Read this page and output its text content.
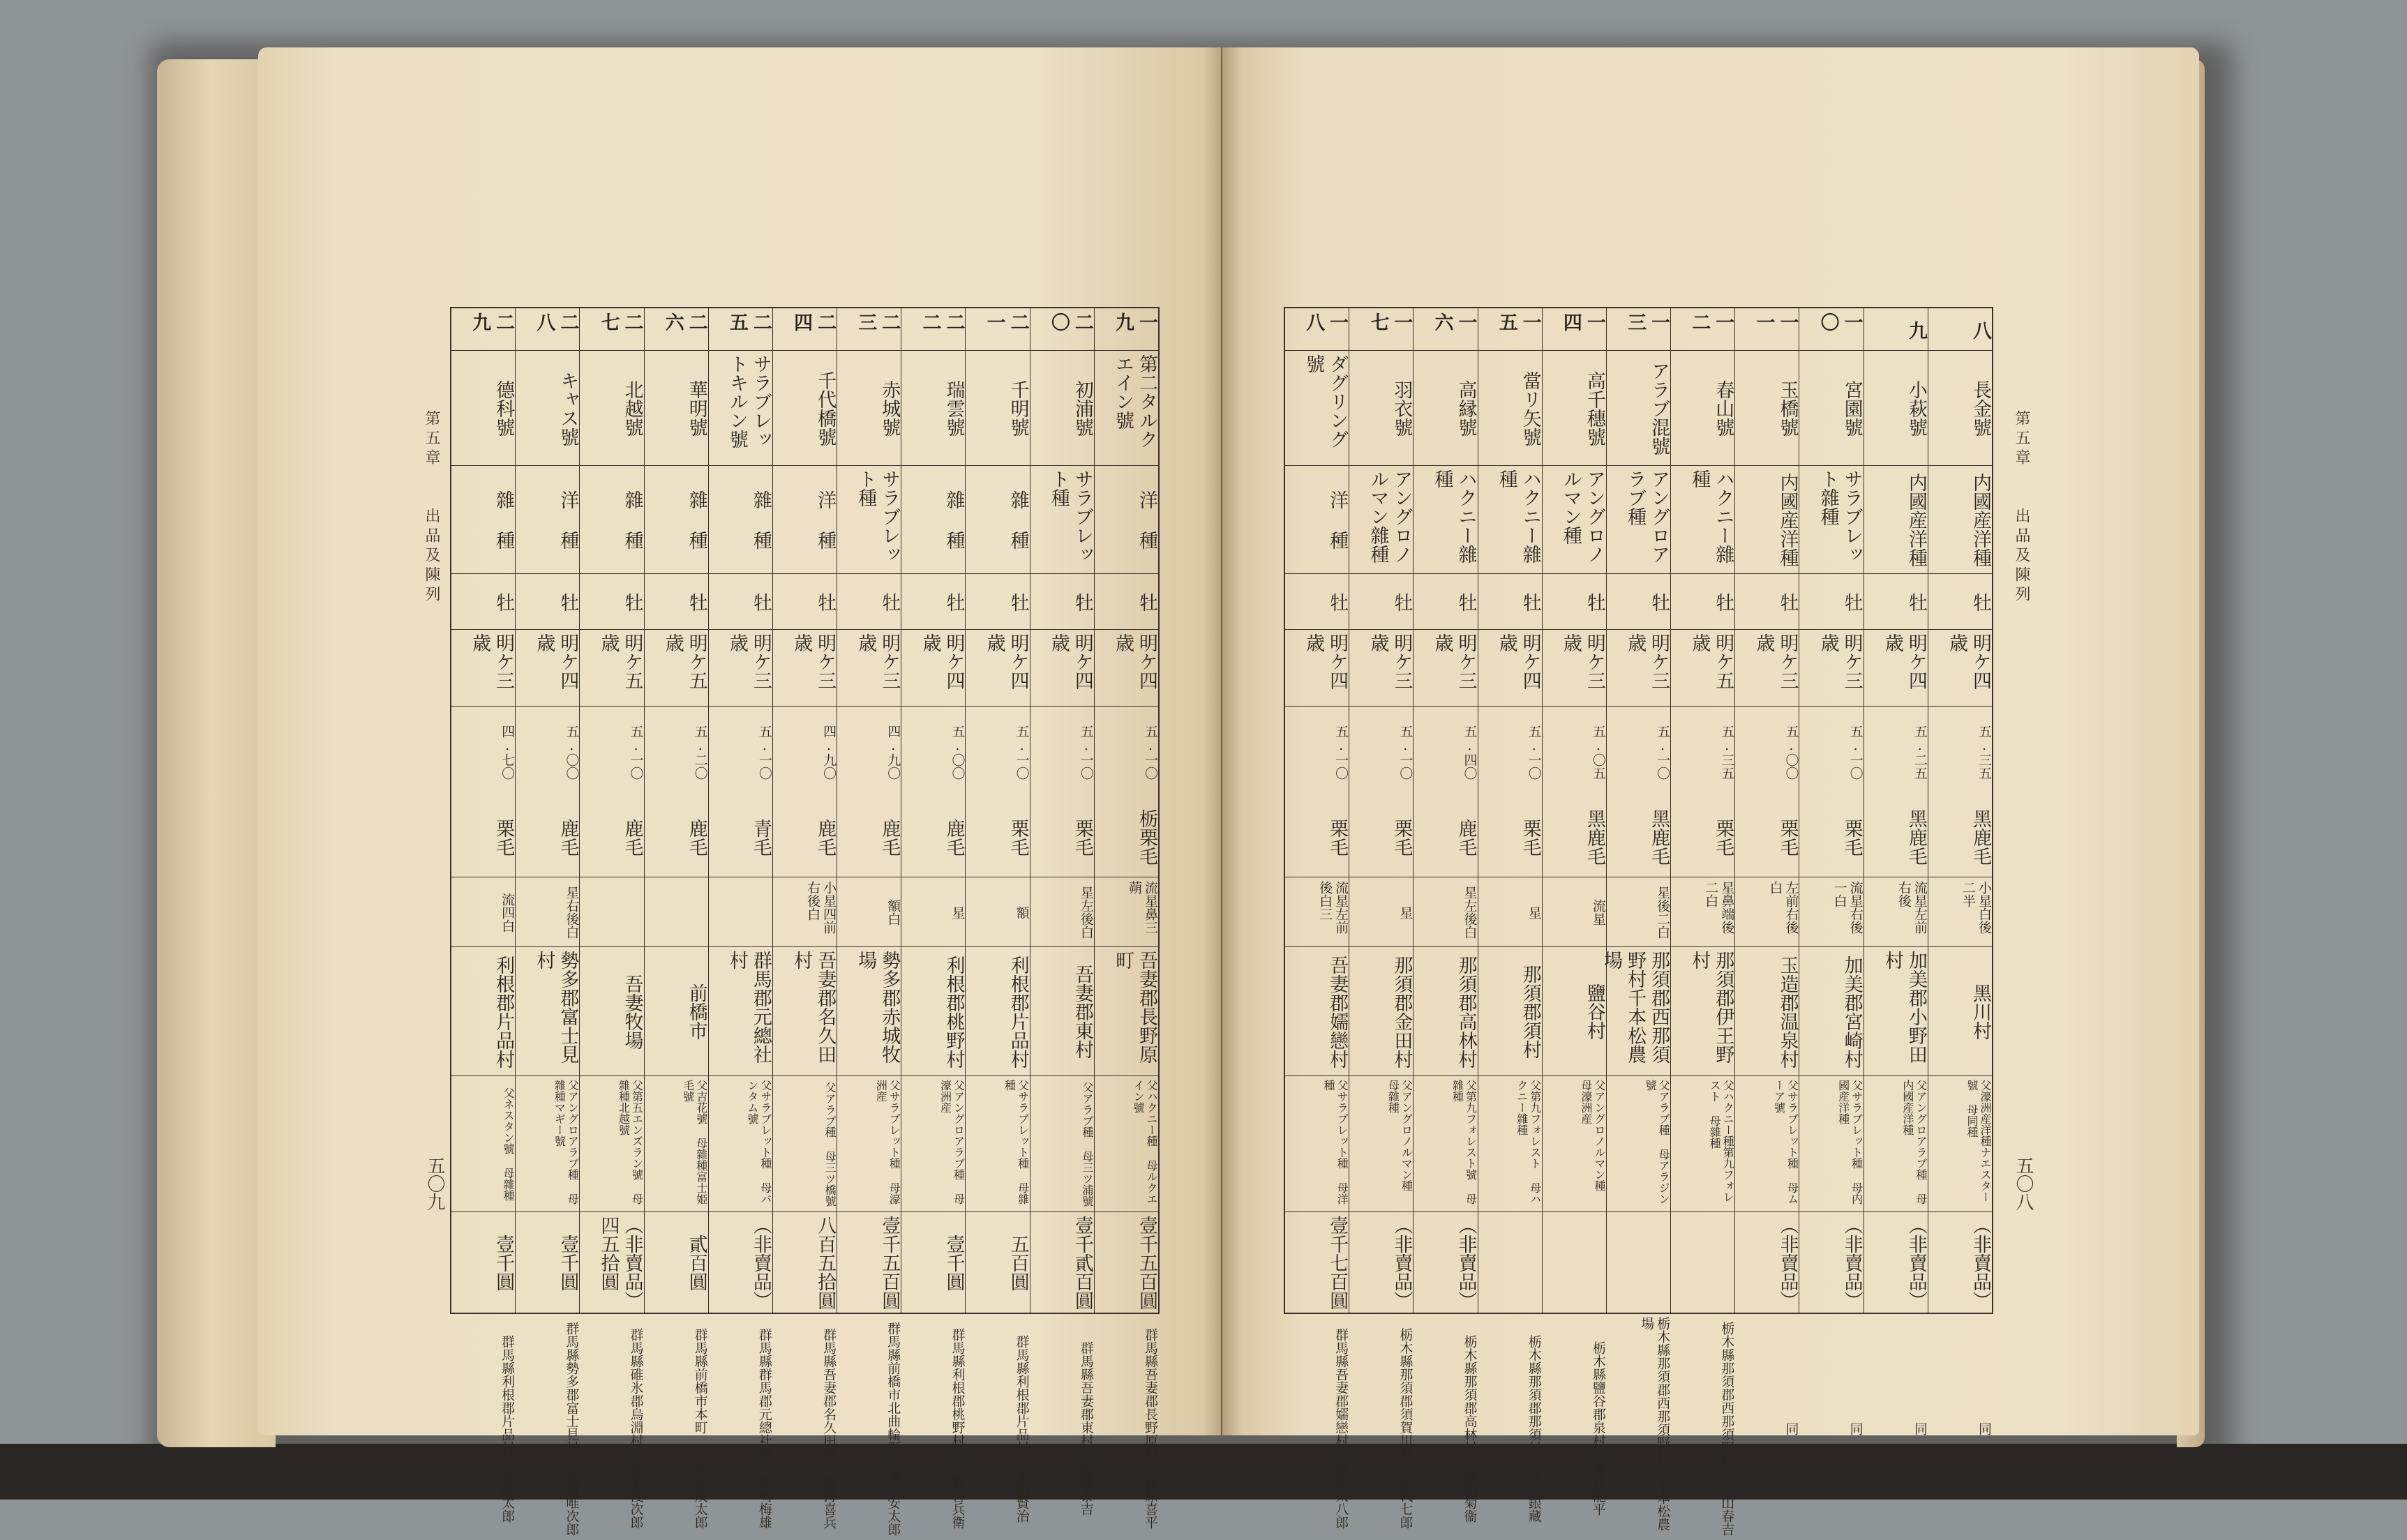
第五章
出品及陳列
五〇九
一九
第二タルクエイン號
洋 種
牡
明ケ四歳
五.一〇
栃栗毛
流星鼻三蒴
吾妻郡長野原町
父ハクニー種 母ルクエイン號
壹千五百圓
群馬縣吾妻郡長野原町 萩原喜平
二〇
初浦號
サラブレット種
牡
明ケ四歳
五.一〇
栗毛
星左後白
吾妻郡東村
父アラブ種 母三ツ浦號
壹千貳百圓
群馬縣吾妻郡東村 佐藤泰吉
二一
千明號
雜 種
牡
明ケ四歳
五.一〇
栗毛
額
利根郡片品村
父サラブレット種 母雜種
五百圓
群馬縣利根郡片品村 千明賢治
二二
瑞雲號
雜 種
牡
明ケ四歳
五.〇〇
鹿毛
星
利根郡桃野村
父アングロアラブ種 母濠洲産
壹千圓
群馬縣利根郡桃野村 小野善兵衛
二三
赤城號
サラブレット種
牡
明ケ三歳
四.九〇
鹿毛
額白
勢多郡赤城牧場
父サラブレット種 母濠洲産
壹千五百圓
群馬縣前橋市北曲輪町 關口安太郎
二四
千代橋號
洋 種
牡
明ケ三歳
四.九〇
鹿毛
小星四前右後白
吾妻郡名久田村
父アラブ種 母三ツ橋號
八百五拾圓
群馬縣吾妻郡名久田村 劒持喜兵
二五
サラブレットキルン號
雜 種
牡
明ケ三歳
五.一〇
青毛
群馬郡元總社村
父サラブレット種 母バンタム號
（非賣品）
群馬縣群馬郡元總社村 岩崎梅雄
二六
華明號
雜 種
牡
明ケ五歳
五.二〇
鹿毛
前橋市
父吉花號 母雜種富士姫毛號
貳百圓
群馬縣前橋市本町 大久保茂太郎
二七
北越號
雜 種
牡
明ケ五歳
五.一〇
鹿毛
吾妻牧場
父第五エンズラン號 母雜種北越號
（非賣品）四五拾圓
群馬縣碓氷郡烏淵村 鈴木淺次郎
二八
キャス號
洋 種
牡
明ケ四歳
五.〇〇
鹿毛
星右後白
勢多郡富士見村
父アングロアラブ種 母雜種マギー號
壹千圓
群馬縣勢多郡富士見村 坂田唯次郎
二九
德科號
雜 種
牡
明ケ三歳
四.七〇
栗毛
流四白
利根郡片品村
父ネスタン號 母雜種
壹千圓
群馬縣利根郡片品村 星紋太郎
第五章
出品及陳列
五〇八
八
長金號
内國産洋種
牡
明ケ四歳
五.三五
黑鹿毛
小星白後二半
黑川村
父濠洲産洋種ナエスター號 母同種
（非賣品）
同
九
小萩號
内國産洋種
牡
明ケ四歳
五.二五
黑鹿毛
流星左前右後
加美郡小野田村
父アングロアラブ種 母内國産洋種
（非賣品）
同
一〇
宮園號
サラブレット雜種
牡
明ケ三歳
五.一〇
栗毛
流星右後一白
加美郡宮崎村
父サラブレット種 母内國産洋種
（非賣品）
同
一一
玉橋號
内國産洋種
牡
明ケ三歳
五.〇〇
栗毛
左前右後白
玉造郡温泉村
父サラブレット種 母ムーア號
（非賣品）
同
一二
春山號
ハクニー雜種
牡
明ケ五歳
五.三五
栗毛
星鼻端後二白
那須郡伊王野村
父ハクニー種第九フォレスト 母雜種
栃木縣那須郡西那須野村 平山春吉
一三
アラブ混號
アングロアラブ種
牡
明ケ三歳
五.一〇
黑鹿毛
星後二白
那須郡西那須野村千本松農場
父アラブ種 母アラジン號
栃木縣那須郡西那須野村 千本松農場
一四
高千穗號
アングロノルマン種
牡
明ケ三歳
五.〇五
黑鹿毛
流星
鹽谷村
父アングロノルマン種 母濠洲産
栃木縣鹽谷郡泉村 鹽谷龍平
一五
當リ矢號
ハクニー雜種
牡
明ケ四歳
五.一〇
栗毛
星
那須郡須村
父第九フォレスト 母ハクニー雜種
栃木縣那須郡那須村 高久銀藏
一六
高縁號
ハクニー雜種
牡
明ケ三歳
五.四〇
鹿毛
星左後白
那須郡高林村
父第九フォレスト號 母雜種
（非賣品）
栃木縣那須郡高林村 藤田菊衞
一七
羽衣號
アングロノルマン雜種
牡
明ケ三歳
五.一〇
栗毛
星
那須郡金田村
父アングロノルマン種 母雜種
（非賣品）
栃木縣那須郡須賀川村 屋代七郎
一八
ダグリング號
洋 種
牡
明ケ四歳
五.一〇
栗毛
流星左前後白三
吾妻郡嬬戀村
父サラブレット種 母洋種
壹千七百圓
群馬縣吾妻郡嬬戀村 熊川太八郎
